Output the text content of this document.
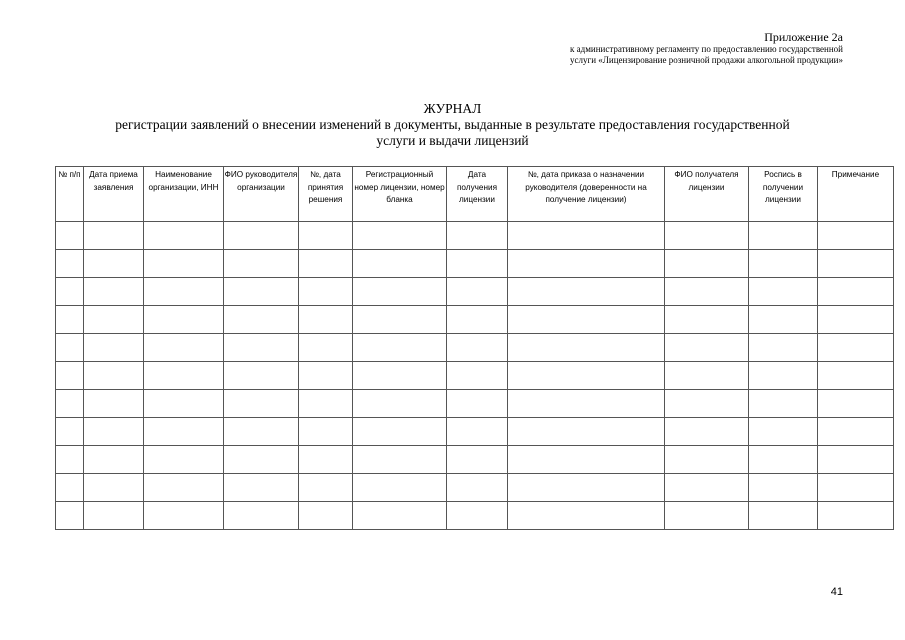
Приложение 2а
к административному регламенту по предоставлению государственной
услуги «Лицензирование розничной продажи алкогольной продукции»
ЖУРНАЛ
регистрации заявлений о внесении изменений в документы, выданные в результате предоставления государственной
услуги и выдачи лицензий
№ п/п	Дата приема заявления	Наименование организации, ИНН	ФИО руководителя организации	№, дата принятия решения	Регистрационный номер лицензии, номер бланка	Дата получения лицензии	№, дата приказа о назначении руководителя (доверенности на получение лицензии)	ФИО получателя лицензии	Роспись в получении лицензии	Примечание

41
